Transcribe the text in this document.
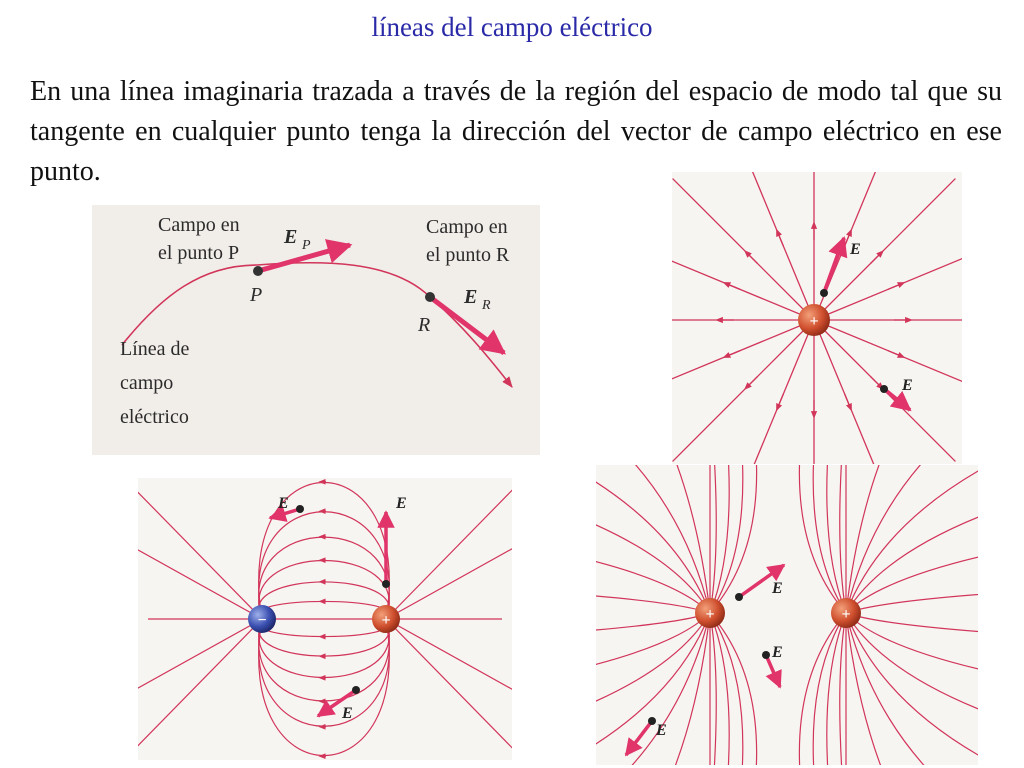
líneas del campo eléctrico
En una línea imaginaria trazada a través de la región del espacio de modo tal que su tangente en cualquier punto tenga la dirección del vector de campo eléctrico en ese punto.
Campo en
el punto P
E P
P
Campo en
el punto R
E R
R
Línea de
campo
eléctrico
E
E
+
E	E
E
−	+
E
E
E
+	+
